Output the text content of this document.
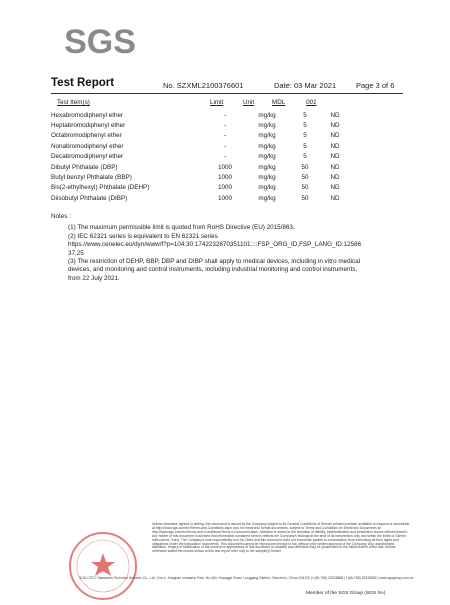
SGS
Test Report	No. SZXML2100376601	Date: 03 Mar 2021	Page 3 of 6
Test Item(s)	Limit	Unit	MDL	001
Hexabromodiphenyl ether	-	mg/kg	5	ND
Heptabromodiphenyl ether	-	mg/kg	5	ND
Octabromodiphenyl ether	-	mg/kg	5	ND
Nonabromodiphenyl ether	-	mg/kg	5	ND
Decabromodiphenyl ether	-	mg/kg	5	ND
Dibutyl Phthalate (DBP)	1000	mg/kg	50	ND
Butyl benzyl Phthalate (BBP)	1000	mg/kg	50	ND
Bis(2-ethylhexyl) Phthalate (DEHP)	1000	mg/kg	50	ND
Diisobutyl Phthalate (DIBP)	1000	mg/kg	50	ND
Notes :
(1) The maximum permissible limit is quoted from RoHS Directive (EU) 2015/863.
(2) IEC 62321 series is equivalent to EN 62321 series
https://www.cenelec.eu/dyn/www/f?p=104:30:1742232870351101::::FSP_ORG_ID,FSP_LANG_ID:12586
37,25
(3) The restriction of DEHP, BBP, DBP and DIBP shall apply to medical devices, including in vitro medical
devices, and monitoring and control instruments, including industrial monitoring and control instruments,
from 22 July 2021.
Unless otherwise agreed in writing, this document is issued by the Company subject to its General Conditions of Service printed overleaf, available on request or accessible at http://www.sgs.com/en/Terms-and-Conditions.aspx and, for electronic format documents, subject to Terms and Conditions for Electronic Documents at http://www.sgs.com/en/Terms-and-Conditions/Terms-e-Document.aspx. Attention is drawn to the limitation of liability, indemnification and jurisdiction issues defined therein. Any holder of this document is advised that information contained hereon reflects the Company's findings at the time of its intervention only and within the limits of Client's instructions, if any. The Company's sole responsibility is to its Client and this document does not exonerate parties to a transaction from exercising all their rights and obligations under the transaction documents. This document cannot be reproduced except in full, without prior written approval of the Company. Any unauthorized alteration, forgery or falsification of the content or appearance of this document is unlawful and offenders may be prosecuted to the fullest extent of the law. Unless otherwise stated the results shown in this test report refer only to the sample(s) tested.
SGS-CSTC Standards Technical Services Co., Ltd. | No.4, Jianghao Industrial Park, No.460, Huangge Road, Longgang District, Shenzhen, China 518129 | t (86-755) 25328888 | f (86-755) 25328889 | www.sgsgroup.com.cn
Member of the SGS Group (SGS SA)
